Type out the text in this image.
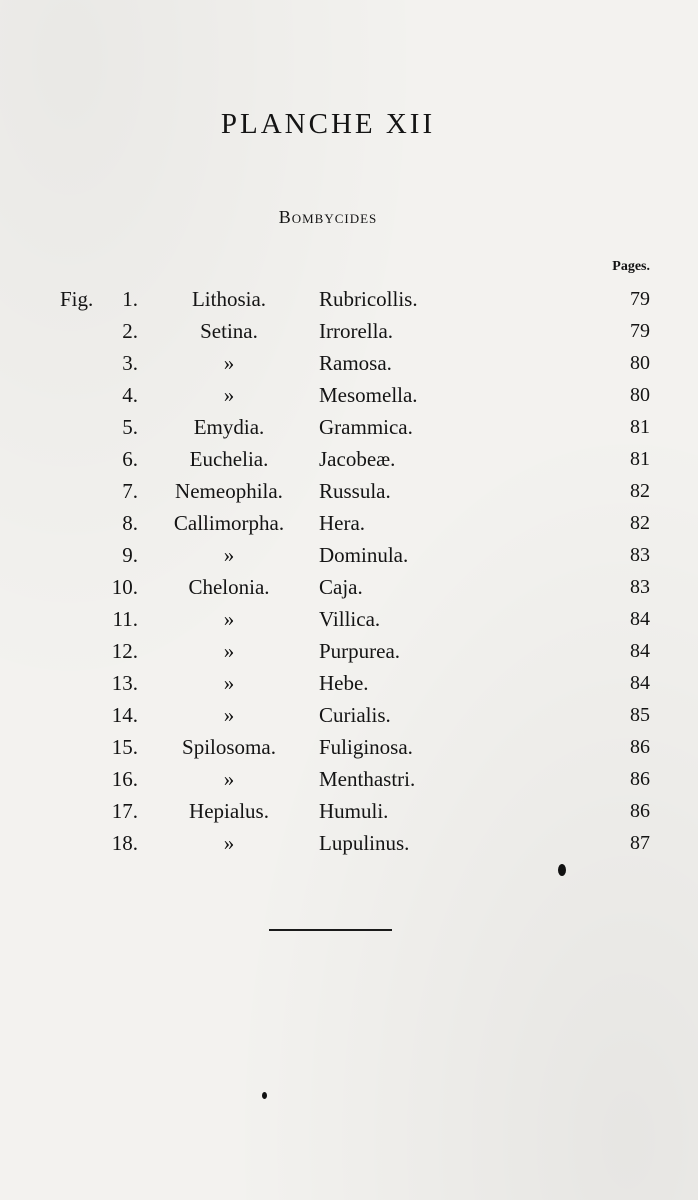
PLANCHE XII
Bombycides
Pages.
Fig.	1.	Lithosia.	Rubricollis.	79
2.	Setina.	Irrorella.	79
3.	»	Ramosa.	80
4.	»	Mesomella.	80
5.	Emydia.	Grammica.	81
6.	Euchelia.	Jacobeæ.	81
7.	Nemeophila.	Russula.	82
8.	Callimorpha.	Hera.	82
9.	»	Dominula.	83
10.	Chelonia.	Caja.	83
11.	»	Villica.	84
12.	»	Purpurea.	84
13.	»	Hebe.	84
14.	»	Curialis.	85
15.	Spilosoma.	Fuliginosa.	86
16.	»	Menthastri.	86
17.	Hepialus.	Humuli.	86
18.	»	Lupulinus.	87
